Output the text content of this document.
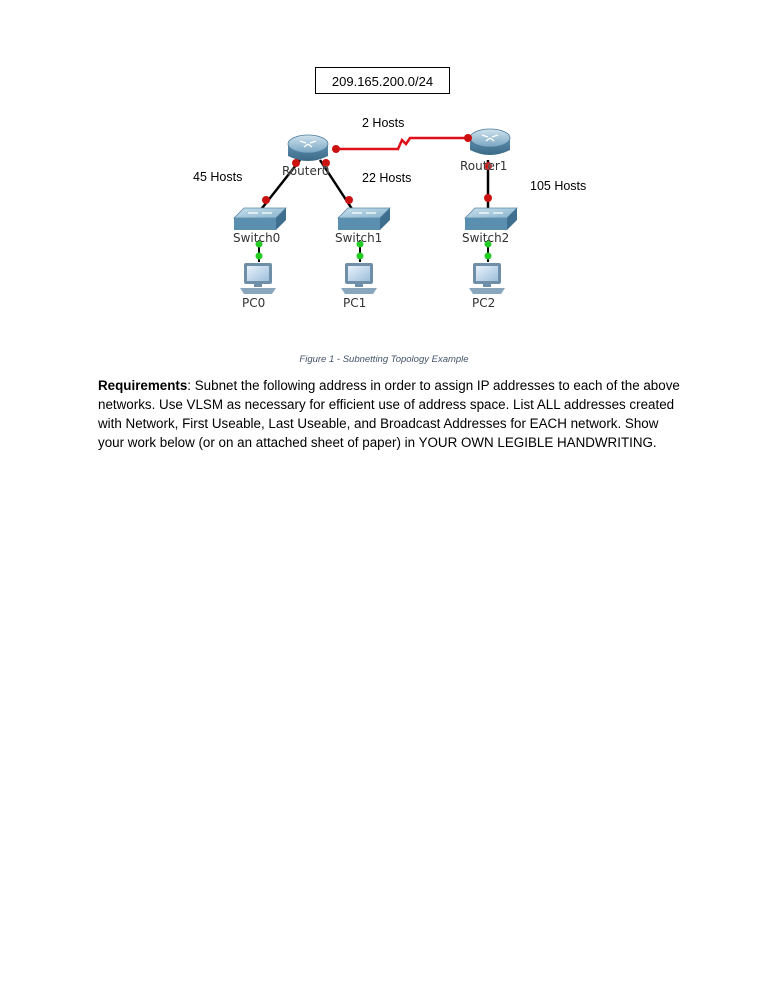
209.165.200.0/24
2 Hosts
45 Hosts	22 Hosts
105 Hosts
Router0	Router1
Switch0	Switch1	Switch2
PC0	PC1	PC2
Figure 1 - Subnetting Topology Example
Requirements: Subnet the following address in order to assign IP addresses to each of the above networks. Use VLSM as necessary for efficient use of address space. List ALL addresses created with Network, First Useable, Last Useable, and Broadcast Addresses for EACH network. Show your work below (or on an attached sheet of paper) in YOUR OWN LEGIBLE HANDWRITING.
